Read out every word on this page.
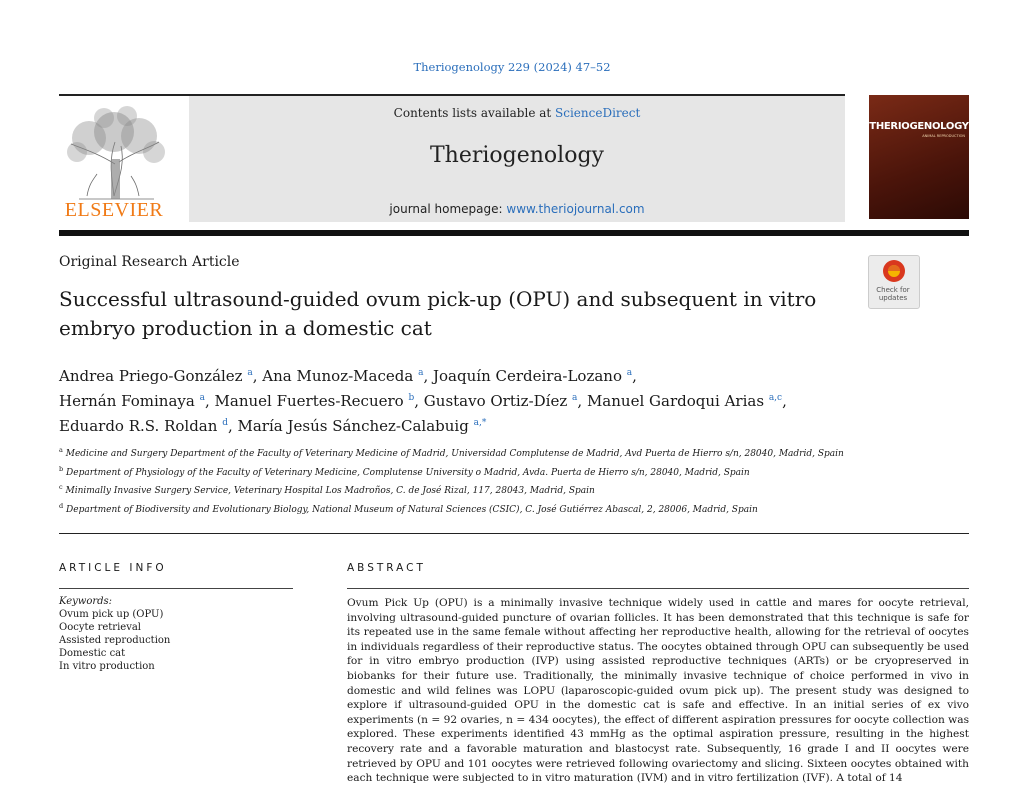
Theriogenology 229 (2024) 47–52
ELSEVIER
Contents lists available at ScienceDirect
Theriogenology
journal homepage: www.theriojournal.com
THERIOGENOLOGY
ANIMAL REPRODUCTION
Original Research Article
Check for updates
Successful ultrasound-guided ovum pick-up (OPU) and subsequent in vitro embryo production in a domestic cat
Andrea Priego-González $^a$, Ana Munoz-Maceda $^a$, Joaquín Cerdeira-Lozano $^a$,
Hernán Fominaya $^a$, Manuel Fuertes-Recuero $^b$, Gustavo Ortiz-Díez $^a$, Manuel Gardoqui Arias $^{a,c}$,
Eduardo R.S. Roldan $^d$, María Jesús Sánchez-Calabuig $^{a,*}$
$^a$ Medicine and Surgery Department of the Faculty of Veterinary Medicine of Madrid, Universidad Complutense de Madrid, Avd Puerta de Hierro s/n, 28040, Madrid, Spain
$^b$ Department of Physiology of the Faculty of Veterinary Medicine, Complutense University o Madrid, Avda. Puerta de Hierro s/n, 28040, Madrid, Spain
$^c$ Minimally Invasive Surgery Service, Veterinary Hospital Los Madroños, C. de José Rizal, 117, 28043, Madrid, Spain
$^d$ Department of Biodiversity and Evolutionary Biology, National Museum of Natural Sciences (CSIC), C. José Gutiérrez Abascal, 2, 28006, Madrid, Spain
ARTICLE INFO	ABSTRACT
Keywords:
Ovum pick up (OPU)
Oocyte retrieval
Assisted reproduction
Domestic cat
In vitro production

Ovum Pick Up (OPU) is a minimally invasive technique widely used in cattle and mares for oocyte retrieval, involving ultrasound-guided puncture of ovarian follicles. It has been demonstrated that this technique is safe for its repeated use in the same female without affecting her reproductive health, allowing for the retrieval of oocytes in individuals regardless of their reproductive status. The oocytes obtained through OPU can subsequently be used for in vitro embryo production (IVP) using assisted reproductive techniques (ARTs) or be cryopreserved in biobanks for their future use. Traditionally, the minimally invasive technique of choice performed in vivo in domestic and wild felines was LOPU (laparoscopic-guided ovum pick up). The present study was designed to explore if ultrasound-guided OPU in the domestic cat is safe and effective. In an initial series of ex vivo experiments (n = 92 ovaries, n = 434 oocytes), the effect of different aspiration pressures for oocyte collection was explored. These experiments identified 43 mmHg as the optimal aspiration pressure, resulting in the highest recovery rate and a favorable maturation and blastocyst rate. Subsequently, 16 grade I and II oocytes were retrieved by OPU and 101 oocytes were retrieved following ovariectomy and slicing. Sixteen oocytes obtained with each technique were subjected to in vitro maturation (IVM) and in vitro fertilization (IVF). A total of 14
